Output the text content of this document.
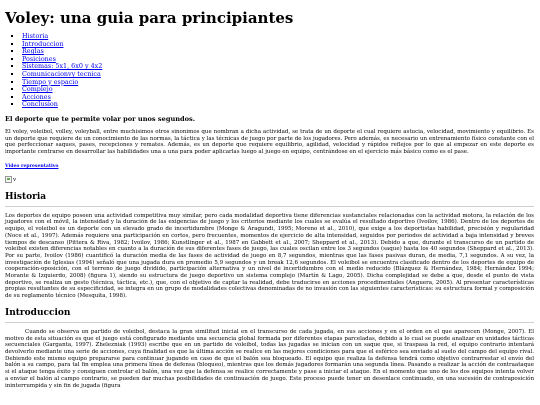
Voley: una guia para principiantes
▪ Historia
▪ Introduccion
▪ Reglas
▪ Posiciones
▪ Sistemas: 5x1, 6x0 y 4x2
▪ Comunicacionvy tecnica
▪ Tiempo y espacio
▪ Complejo
▪ Acciones
▪ Conclusion
El deporte que te permite volar por unos segundos.

El voley, voleibol, volley, voleyball, entre muchisimos otros sinonimos que nombran a dicha actividad, se trata de un deporte el cual requiere astucia, velocidad, movimiento y equilibrio. Es un deporte que requiere de un conocimiento de las normas, la táctica y las técnicas de juego por parte de los jugadores. Pero además, es necesario un entrenamiento físico constante con el que perfeccionar saques, pases, recepciones y remates. Además, es un deporte que requiere equilibrio, agilidad, velocidad y rápidos reflejos por lo que al empezar en este deporte es importante centrarse en desarrollar las habilidades una a una para poder aplicarlas luego al juego en equipo, centrándose en el ejercicio más básico como es el pase.

Video representativo
v
Historia

Los deportes de equipo poseen una actividad competitiva muy similar, pero cada modalidad deportiva tiene diferencias sustanciales relacionadas con la actividad motora, la relación de los jugadores con el móvil, la intensidad y la duración de las exigencias de juego y los criterios mediante los cuales se evalúa el resultado deportivo (Ivoilov, 1986). Dentro de los deportes de equipo, el voleibol es un deporte con un elevado grado de incertidumbre (Monge & Aragundi, 1995; Moreno et al., 2010), que exige a los deportistas habilidad, precisión y regularidad (Noce et al., 1997). Además requiere una participación en cortos, pero frecuentes, momentos de ejercicio de alta intensidad, seguidos por periodos de actividad a baja intensidad y breves tiempos de descanso (Pittera & Riva, 1982; Ivoilov, 1986; Kunstlinger et al., 1987 en Gabbett et al., 2007; Sheppard et al., 2013). Debido a que, durante el transcurso de un partido de voleibol existen diferencias notables en cuanto a la duración de sus diferentes fases de juego, las cuales oscilan entre los 3 segundos (saque) hasta los 40 segundos (Sheppard et al., 2013). Por su parte, Ivoilov (1986) cuantificó la duración media de las fases de actividad de juego en 8,7 segundos, mientras que las fases pasivas duran, de media, 7,1 segundos. A su vez, la investigación de Iglesias (1994) señaló que una jugada dura en promedio 5,9 segundos y un break 12,6 segundos. El voleibol se encuentra clasificado dentro de los deportes de equipo de cooperación-oposición, con el terreno de juego dividido, participación alternativa y un nivel de incertidumbre con el medio reducido (Blázquez & Hernández, 1984; Hernández 1994; Morante & Izquierdo, 2008) (figura 1), siendo su estructura de juego deportivo un sistema complejo (Martín & Lago, 2005). Dicha complejidad se debe a que, desde el punto de vista deportivo, se realiza un gesto (técnica, táctica, etc.), que, con el objetivo de captar la realidad, debe traducirse en acciones procedimentales (Anguera, 2005). Al presentar características propias resultantes de su especificidad, se integra en un grupo de modalidades colectivas denominadas de no invasión con las siguientes características: su estructura formal y composición de su reglamento técnico (Mesquita, 1998).

Introduccion

Cuando se observa un partido de voleibol, destaca la gran similitud inicial en el transcurso de cada jugada, en sus acciones y en el orden en el que aparecen (Monge, 2007). El motivo de esta situación es que el juego está configurado mediante una secuencia global formada por diferentes etapas parceladas, debido a lo cual se puede analizar en unidades tácticas secuenciales (Garganta, 1997). Zhelezniak (1993) escribe que en un partido de voleibol, todas las jugadas se inician con un saque que, si traspasa la red, el equipo contrario intentará devolverlo mediante una serie de acciones, cuya finalidad es que la última acción se realice en las mejores condiciones para que el esférico sea enviado al suelo del campo del equipo rival. Debiendo este mismo equipo prepararse para continuar jugando en caso de que el balón sea bloqueado. El equipo que realiza la defensa tendrá como objetivo contrarrestar el envío del balón a su campo, para tal fin emplea una primera línea de defensa (bloqueo), mientras que los demás jugadores formarán una segunda línea. Pasando a realizar la acción de contraataque si el ataque tenga éxito y consiguen controlar el balón, una vez que la defensa se realice correctamente y pase a iniciar el ataque. En el momento que uno de los dos equipos intenta volver a enviar el balón al campo contrario, se pueden dar muchas posibilidades de continuación de juego. Este proceso puede tener un desenlace continuado, en una sucesión de contraposición ininterrumpida y sin fin de jugada (figura
